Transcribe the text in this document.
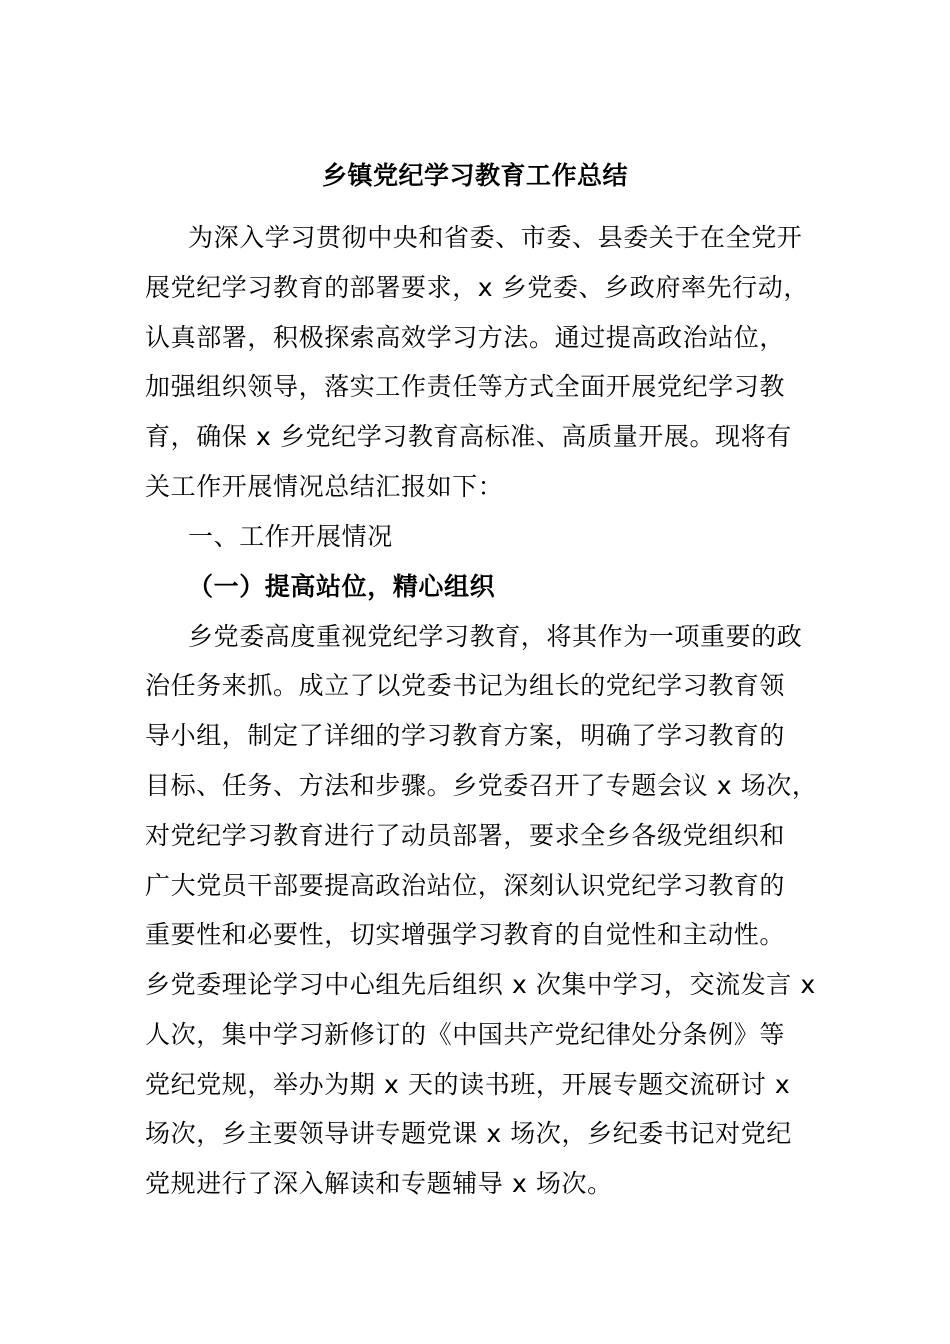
乡镇党纪学习教育工作总结
为深入学习贯彻中央和省委、市委、县委关于在全党开
展党纪学习教育的部署要求，x 乡党委、乡政府率先行动，
认真部署，积极探索高效学习方法。通过提高政治站位，
加强组织领导，落实工作责任等方式全面开展党纪学习教
育，确保 x 乡党纪学习教育高标准、高质量开展。现将有
关工作开展情况总结汇报如下：
一、工作开展情况
（一）提高站位，精心组织
乡党委高度重视党纪学习教育，将其作为一项重要的政
治任务来抓。成立了以党委书记为组长的党纪学习教育领
导小组，制定了详细的学习教育方案，明确了学习教育的
目标、任务、方法和步骤。乡党委召开了专题会议 x 场次，
对党纪学习教育进行了动员部署，要求全乡各级党组织和
广大党员干部要提高政治站位，深刻认识党纪学习教育的
重要性和必要性，切实增强学习教育的自觉性和主动性。
乡党委理论学习中心组先后组织 x 次集中学习，交流发言 x
人次，集中学习新修订的《中国共产党纪律处分条例》等
党纪党规，举办为期 x 天的读书班，开展专题交流研讨 x
场次，乡主要领导讲专题党课 x 场次，乡纪委书记对党纪
党规进行了深入解读和专题辅导 x 场次。
